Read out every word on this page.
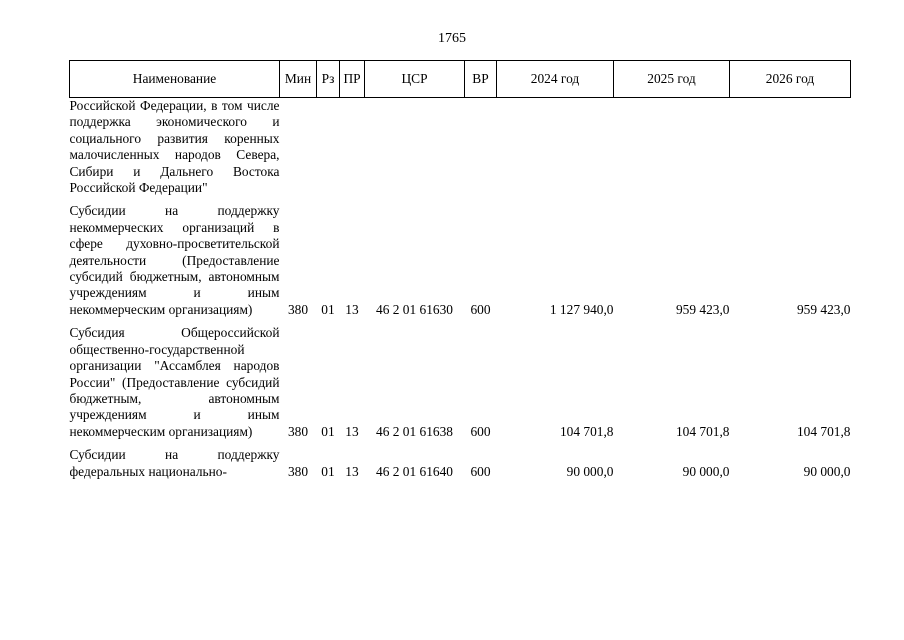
1765
Наименование	Мин	Рз	ПР	ЦСР	ВР	2024 год	2025 год	2026 год
Российской Федерации, в том числе поддержка экономического и социального развития коренных малочисленных народов Севера, Сибири и Дальнего Востока Российской Федерации"								

Субсидии на поддержку некоммерческих организаций в сфере духовно-просветительской деятельности (Предоставление субсидий бюджетным, автономным учреждениям и иным некоммерческим организациям)	380	01	13	46 2 01 61630	600	1 127 940,0	959 423,0	959 423,0

Субсидия Общероссийской общественно-государственной организации "Ассамблея народов России" (Предоставление субсидий бюджетным, автономным учреждениям и иным некоммерческим организациям)	380	01	13	46 2 01 61638	600	104 701,8	104 701,8	104 701,8

Субсидии на поддержку федеральных национально-	380	01	13	46 2 01 61640	600	90 000,0	90 000,0	90 000,0
